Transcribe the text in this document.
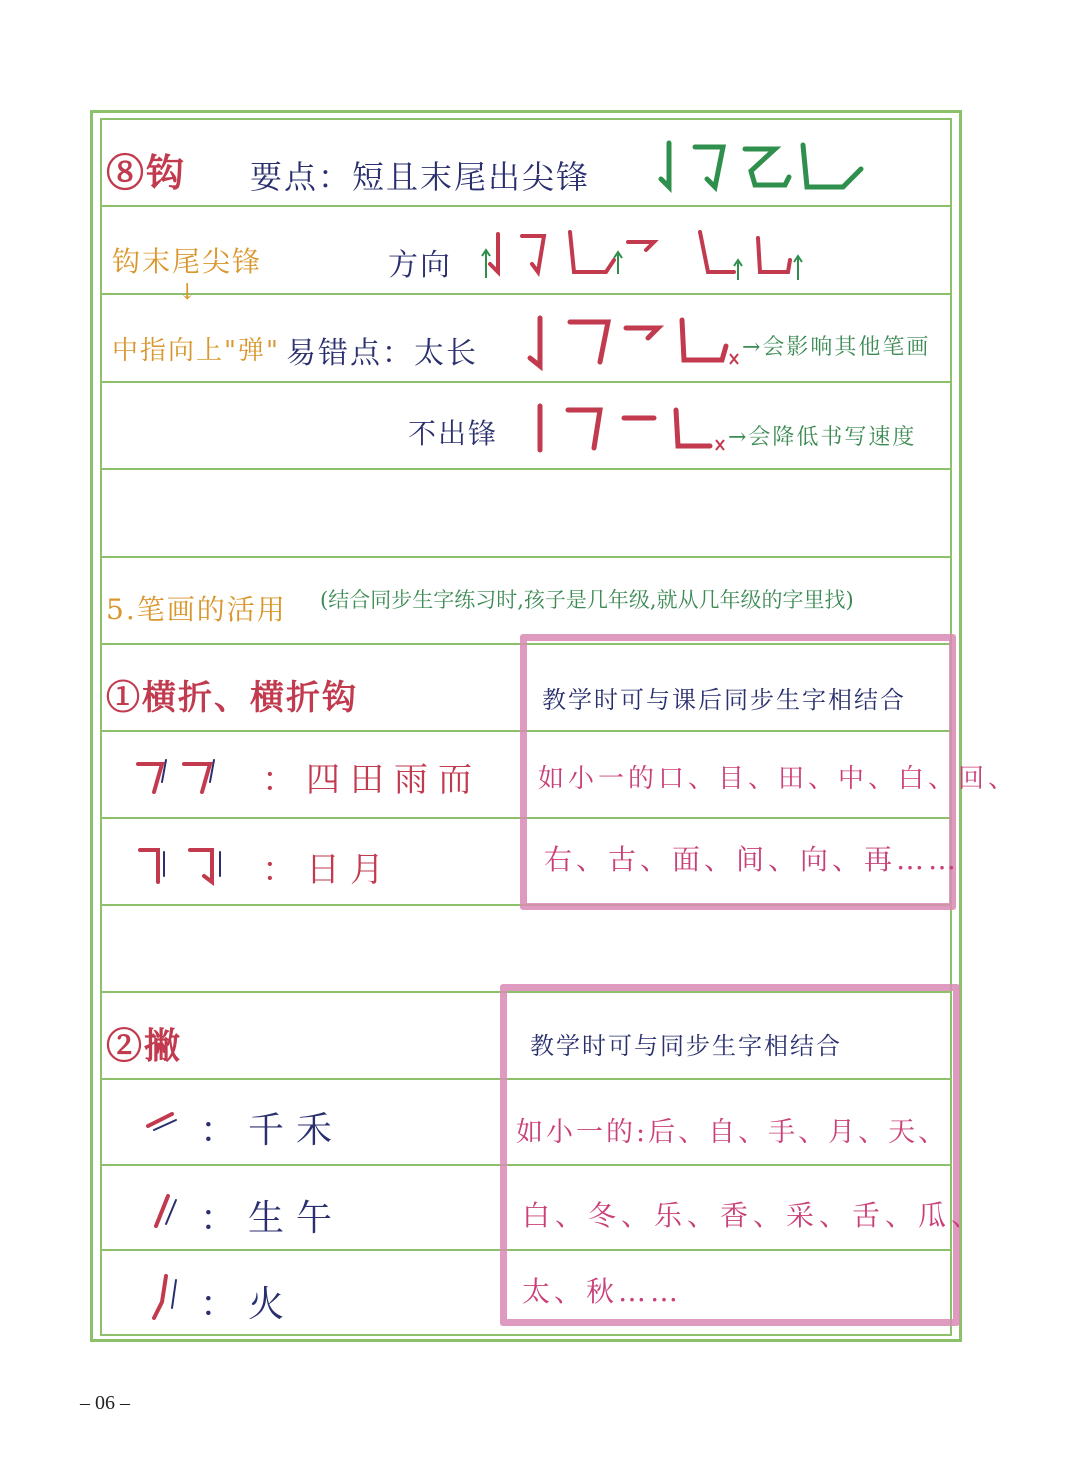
⑧钩 要点：短且末尾出尖锋
钩末尾尖锋
↓
方向
中指向上"弹" 易错点：太长	→会影响其他笔画
不出锋	→会降低书写速度
5.笔画的活用 (结合同步生字练习时,孩子是几年级,就从几年级的字里找)
①横折、横折钩
：四田雨而
：日月
教学时可与课后同步生字相结合
如小一的口、目、田、中、白、回、
右、古、面、间、向、再……
②撇
：千禾
：生午
：火
教学时可与同步生字相结合
如小一的:后、自、手、月、天、
白、冬、乐、香、采、舌、瓜、
太、秋……
– 06 –
